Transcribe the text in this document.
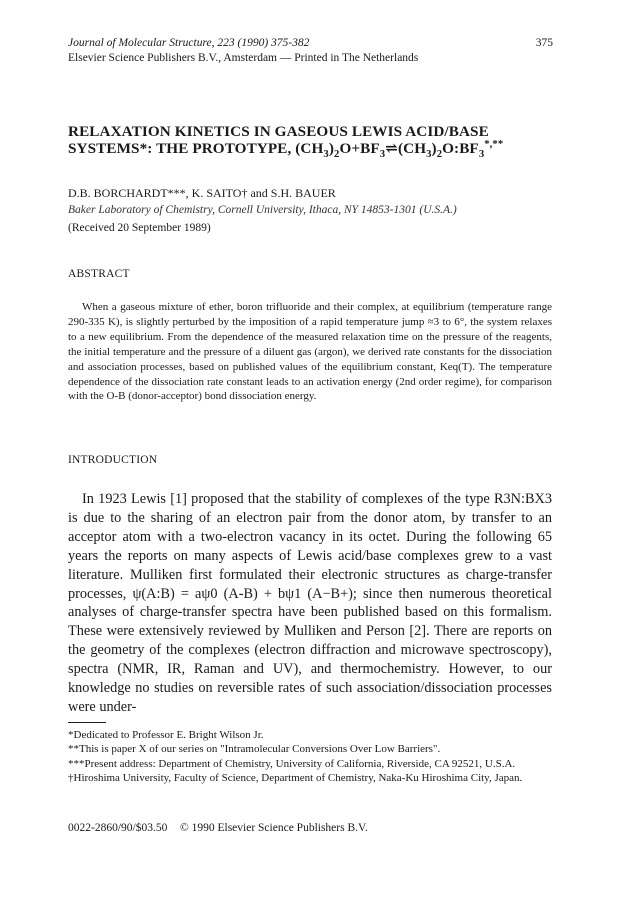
Journal of Molecular Structure, 223 (1990) 375-382
Elsevier Science Publishers B.V., Amsterdam — Printed in The Netherlands
375
RELAXATION KINETICS IN GASEOUS LEWIS ACID/BASE
SYSTEMS*: THE PROTOTYPE, $(CH_3)_2O+BF_3\rightleftharpoons(CH_3)_2O:BF_3^{*,**}$
D.B. BORCHARDT***, K. SAITO† and S.H. BAUER
Baker Laboratory of Chemistry, Cornell University, Ithaca, NY 14853-1301 (U.S.A.)
(Received 20 September 1989)
ABSTRACT
When a gaseous mixture of ether, boron trifluoride and their complex, at equilibrium (temperature range 290-335 K), is slightly perturbed by the imposition of a rapid temperature jump ≈3 to 6°, the system relaxes to a new equilibrium. From the dependence of the measured relaxation time on the pressure of the reagents, the initial temperature and the pressure of a diluent gas (argon), we derived rate constants for the dissociation and association processes, based on published values of the equilibrium constant, Keq(T). The temperature dependence of the dissociation rate constant leads to an activation energy (2nd order regime), for comparison with the O-B (donor-acceptor) bond dissociation energy.
INTRODUCTION
In 1923 Lewis [1] proposed that the stability of complexes of the type R3N:BX3 is due to the sharing of an electron pair from the donor atom, by transfer to an acceptor atom with a two-electron vacancy in its octet. During the following 65 years the reports on many aspects of Lewis acid/base complexes grew to a vast literature. Mulliken first formulated their electronic structures as charge-transfer processes, ψ(A:B) = aψ0 (A-B) + bψ1 (A−B+); since then numerous theoretical analyses of charge-transfer spectra have been published based on this formalism. These were extensively reviewed by Mulliken and Person [2]. There are reports on the geometry of the complexes (electron diffraction and microwave spectroscopy), spectra (NMR, IR, Raman and UV), and thermochemistry. However, to our knowledge no studies on reversible rates of such association/dissociation processes were under-

*Dedicated to Professor E. Bright Wilson Jr.

**This is paper X of our series on "Intramolecular Conversions Over Low Barriers".

***Present address: Department of Chemistry, University of California, Riverside, CA 92521, U.S.A.

†Hiroshima University, Faculty of Science, Department of Chemistry, Naka-Ku Hiroshima City, Japan.

0022-2860/90/$03.50 © 1990 Elsevier Science Publishers B.V.
